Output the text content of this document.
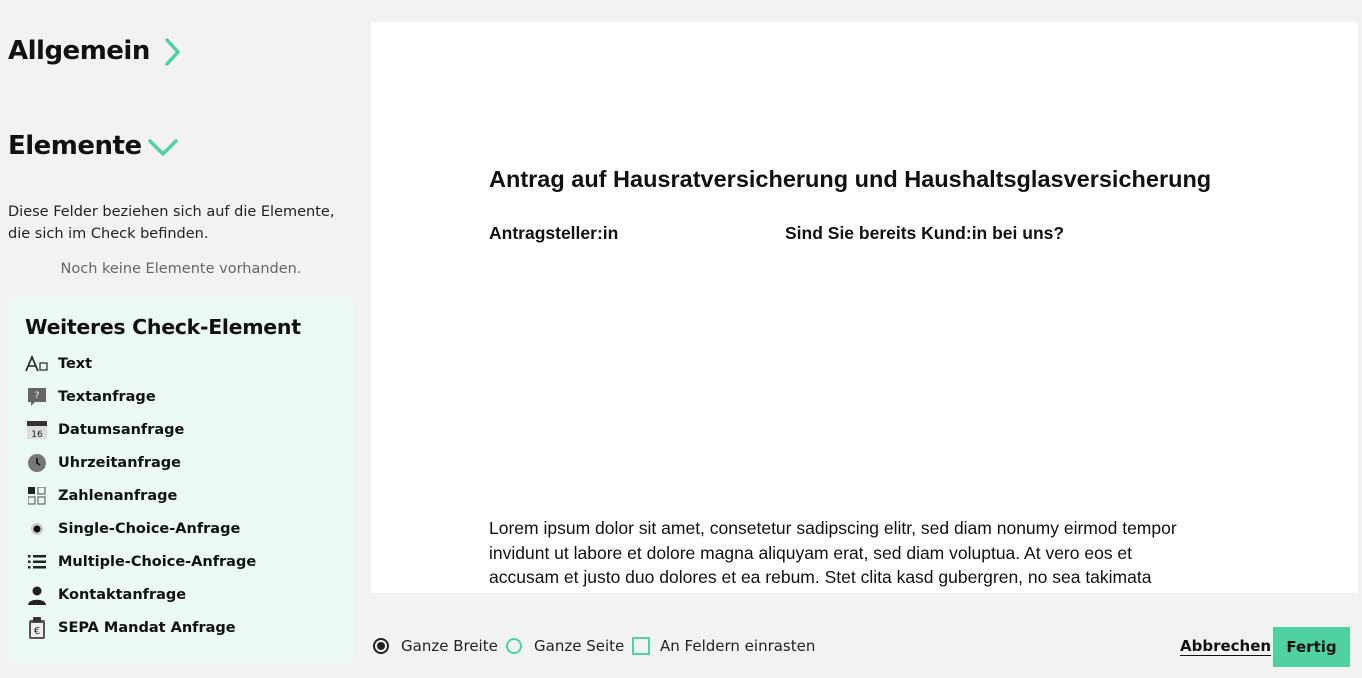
Allgemein
Elemente

Diese Felder beziehen sich auf die Elemente, die sich im Check befinden.

Noch keine Elemente vorhanden.

Weiteres Check-Element
Text
? Textanfrage
16 Datumsanfrage
Uhrzeitanfrage
Zahlenanfrage
Single-Choice-Anfrage
Multiple-Choice-Anfrage
Kontaktanfrage
€ SEPA Mandat Anfrage
Antrag auf Hausratversicherung und Haushaltsglasversicherung
Antragsteller:in	Sind Sie bereits Kund:in bei uns?
Lorem ipsum dolor sit amet, consetetur sadipscing elitr, sed diam nonumy eirmod tempor
invidunt ut labore et dolore magna aliquyam erat, sed diam voluptua. At vero eos et
accusam et justo duo dolores et ea rebum. Stet clita kasd gubergren, no sea takimata
Ganze Breite Ganze Seite An Feldern einrasten	Abbrechen	Fertig
